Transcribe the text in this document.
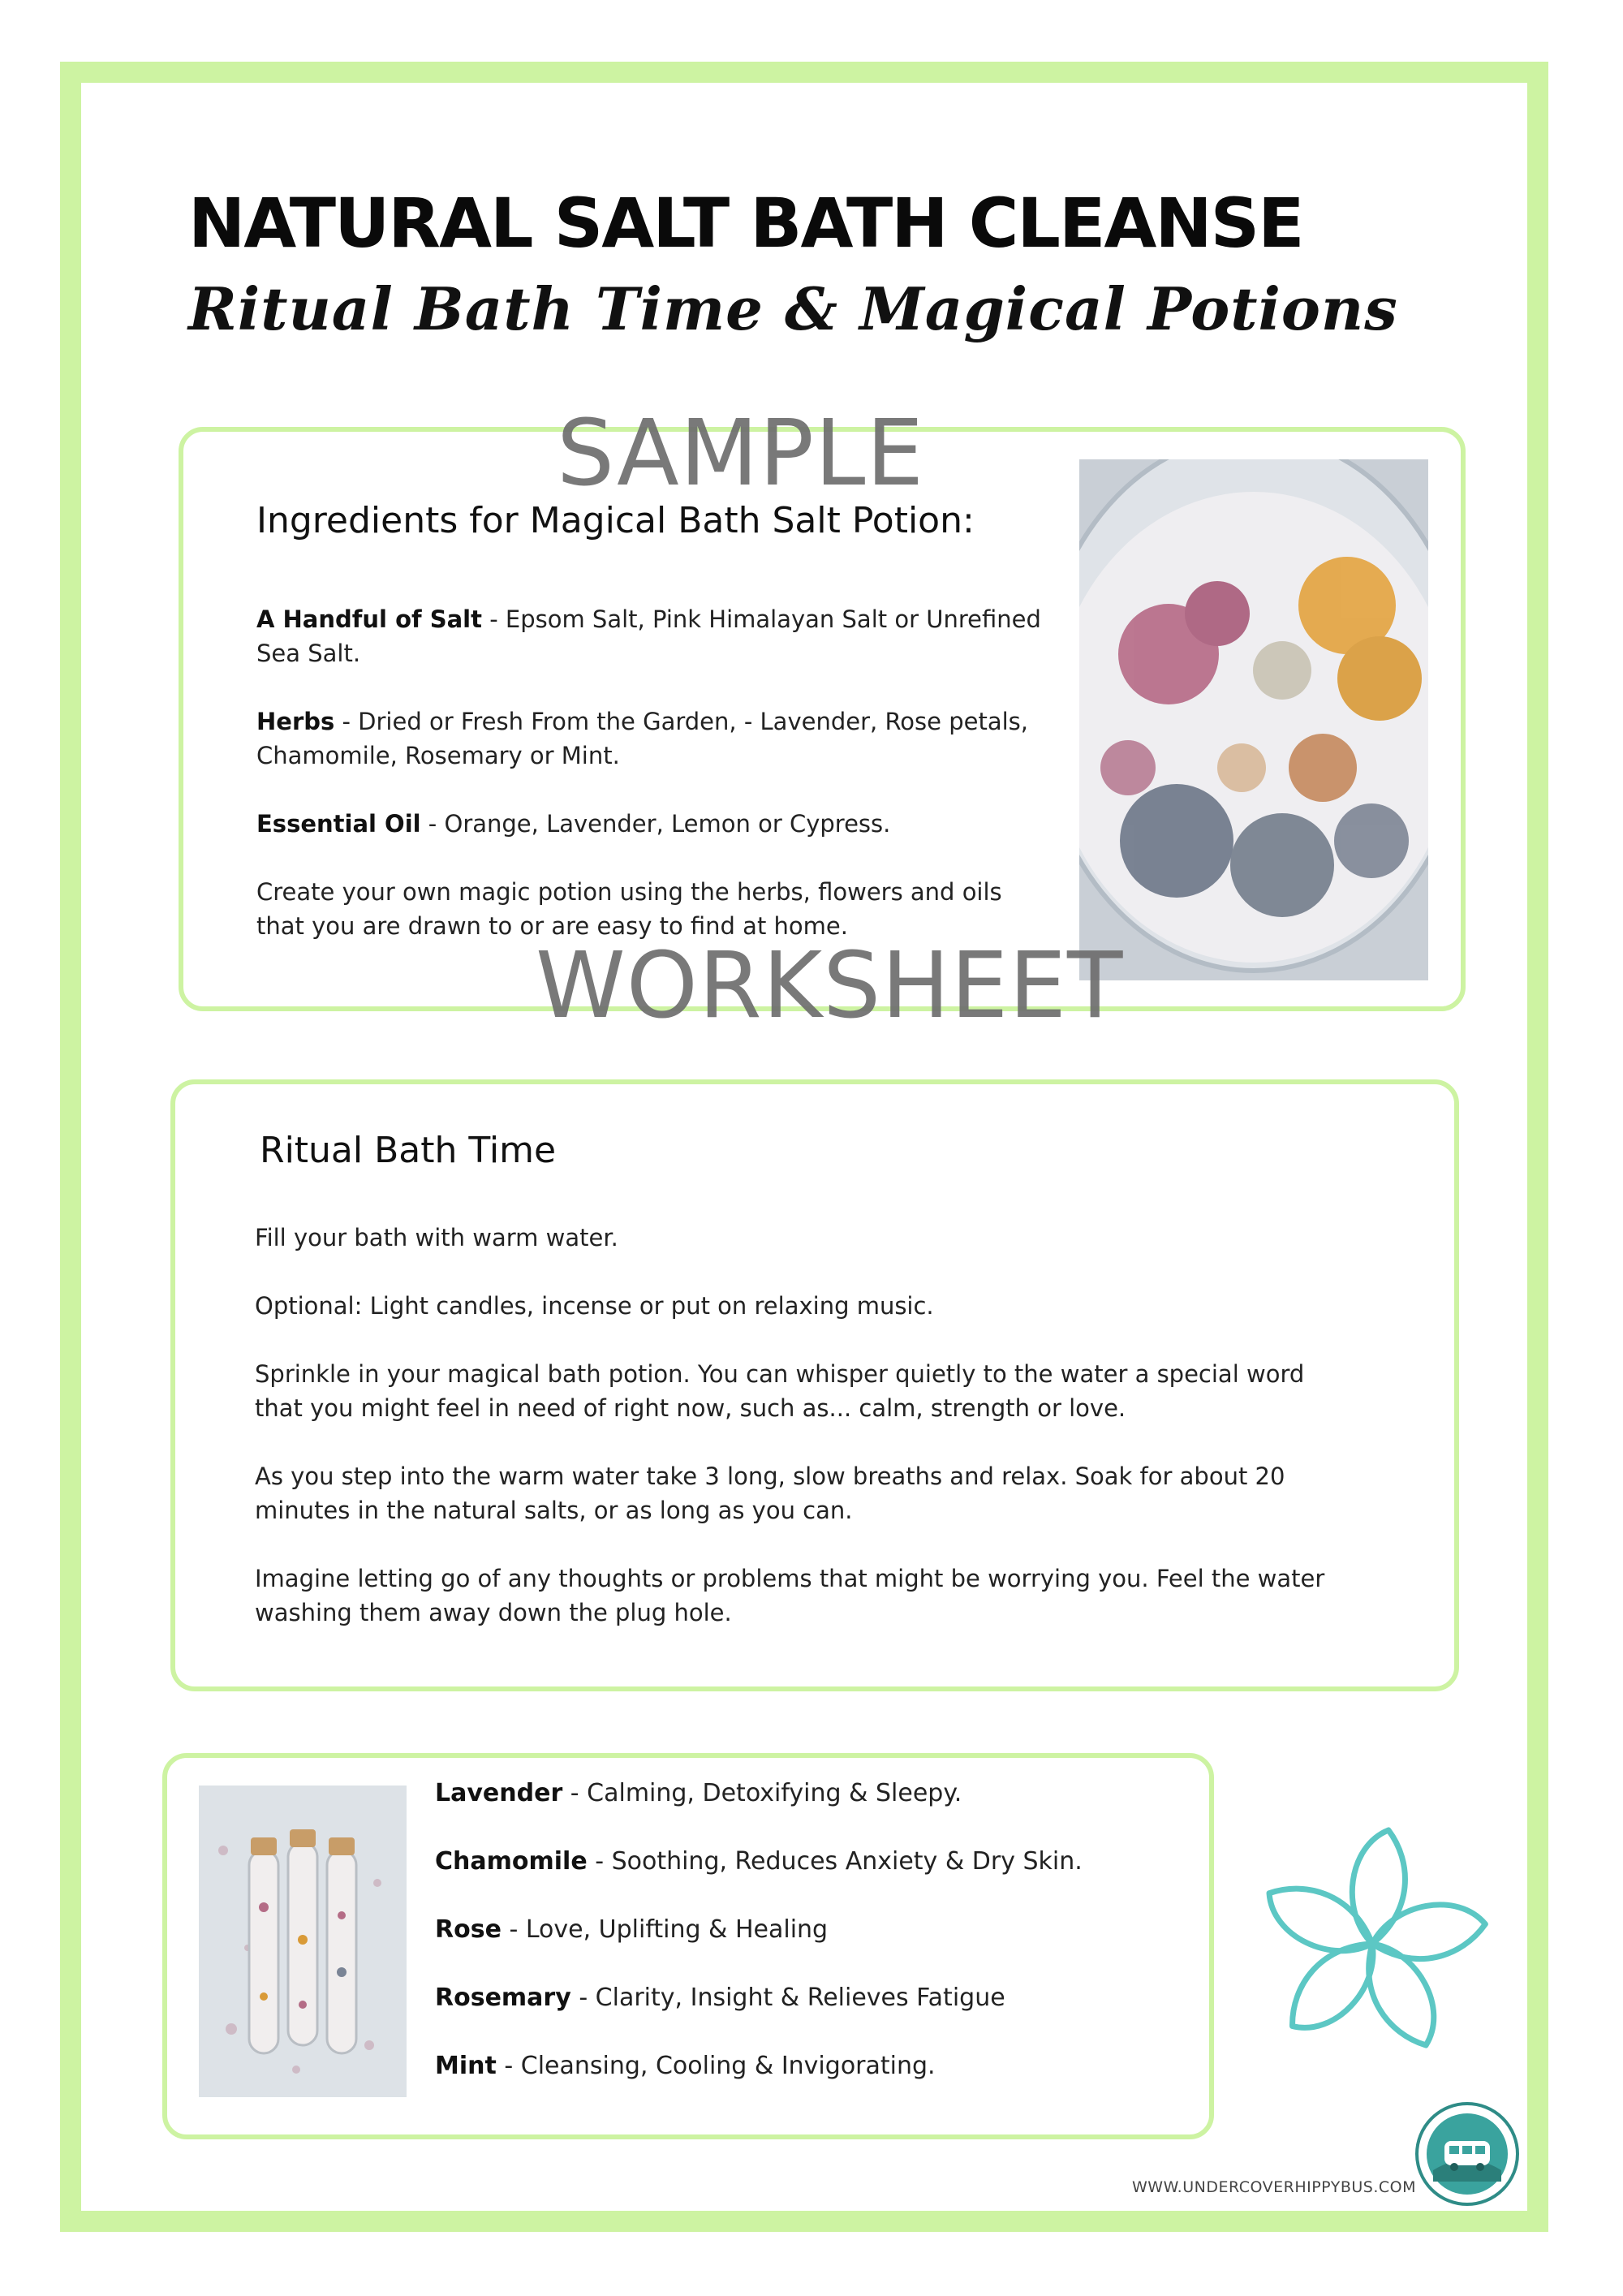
NATURAL SALT BATH CLEANSE
Ritual Bath Time & Magical Potions
Ingredients for Magical Bath Salt Potion:

A Handful of Salt - Epsom Salt, Pink Himalayan Salt or Unrefined Sea Salt.

Herbs - Dried or Fresh From the Garden, - Lavender, Rose petals, Chamomile, Rosemary or Mint.

Essential Oil - Orange, Lavender, Lemon or Cypress.

Create your own magic potion using the herbs, flowers and oils that you are drawn to or are easy to find at home.

Ritual Bath Time

Fill your bath with warm water.

Optional: Light candles, incense or put on relaxing music.

Sprinkle in your magical bath potion. You can whisper quietly to the water a special word that you might feel in need of right now, such as... calm, strength or love.

As you step into the warm water take 3 long, slow breaths and relax. Soak for about 20 minutes in the natural salts, or as long as you can.

Imagine letting go of any thoughts or problems that might be worrying you. Feel the water washing them away down the plug hole.

Lavender - Calming, Detoxifying & Sleepy.

Chamomile - Soothing, Reduces Anxiety & Dry Skin.

Rose - Love, Uplifting & Healing

Rosemary - Clarity, Insight & Relieves Fatigue

Mint - Cleansing, Cooling & Invigorating.

SAMPLE
WORKSHEET
WWW.UNDERCOVERHIPPYBUS.COM
